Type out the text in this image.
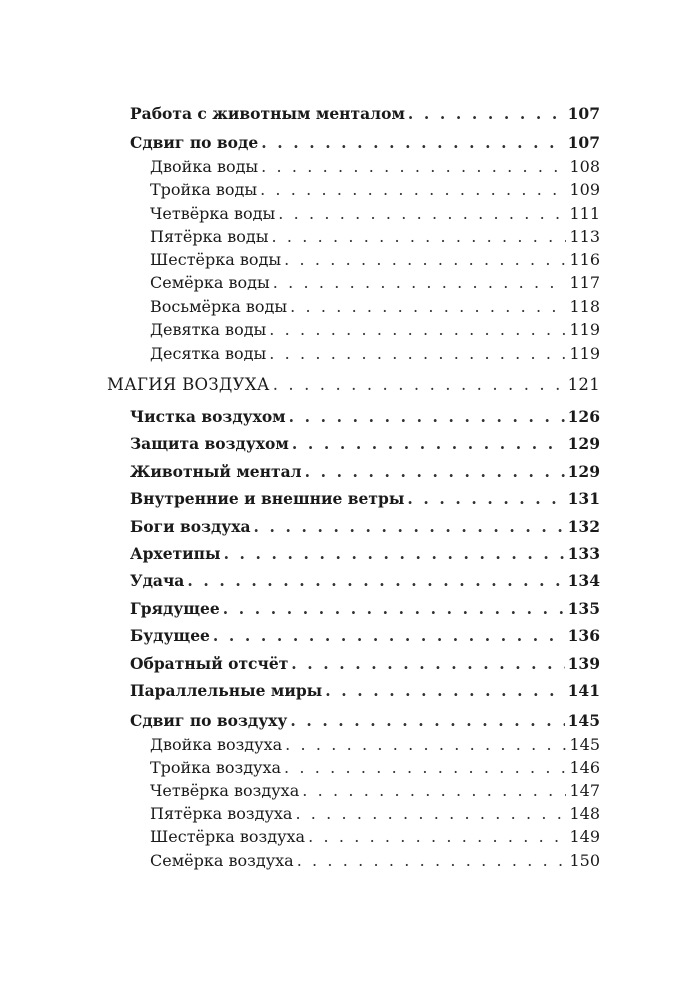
Работа с животным менталом . . .	107
Сдвиг по воде . . .	107
Двойка воды . . .	108
Тройка воды . . .	109
Четвёрка воды . . .	111
Пятёрка воды . . .	113
Шестёрка воды . . .	116
Семёрка воды . . .	117
Восьмёрка воды . . .	118
Девятка воды . . .	119
Десятка воды . . .	119
МАГИЯ ВОЗДУХА . . .	121
Чистка воздухом . . .	126
Защита воздухом . . .	129
Животный ментал . . .	129
Внутренние и внешние ветры . . .	131
Боги воздуха . . .	132
Архетипы . . .	133
Удача . . .	134
Грядущее . . .	135
Будущее . . .	136
Обратный отсчёт . . .	139
Параллельные миры . . .	141
Сдвиг по воздуху . . .	145
Двойка воздуха . . .	145
Тройка воздуха . . .	146
Четвёрка воздуха . . .	147
Пятёрка воздуха . . .	148
Шестёрка воздуха . . .	149
Семёрка воздуха . . .	150
